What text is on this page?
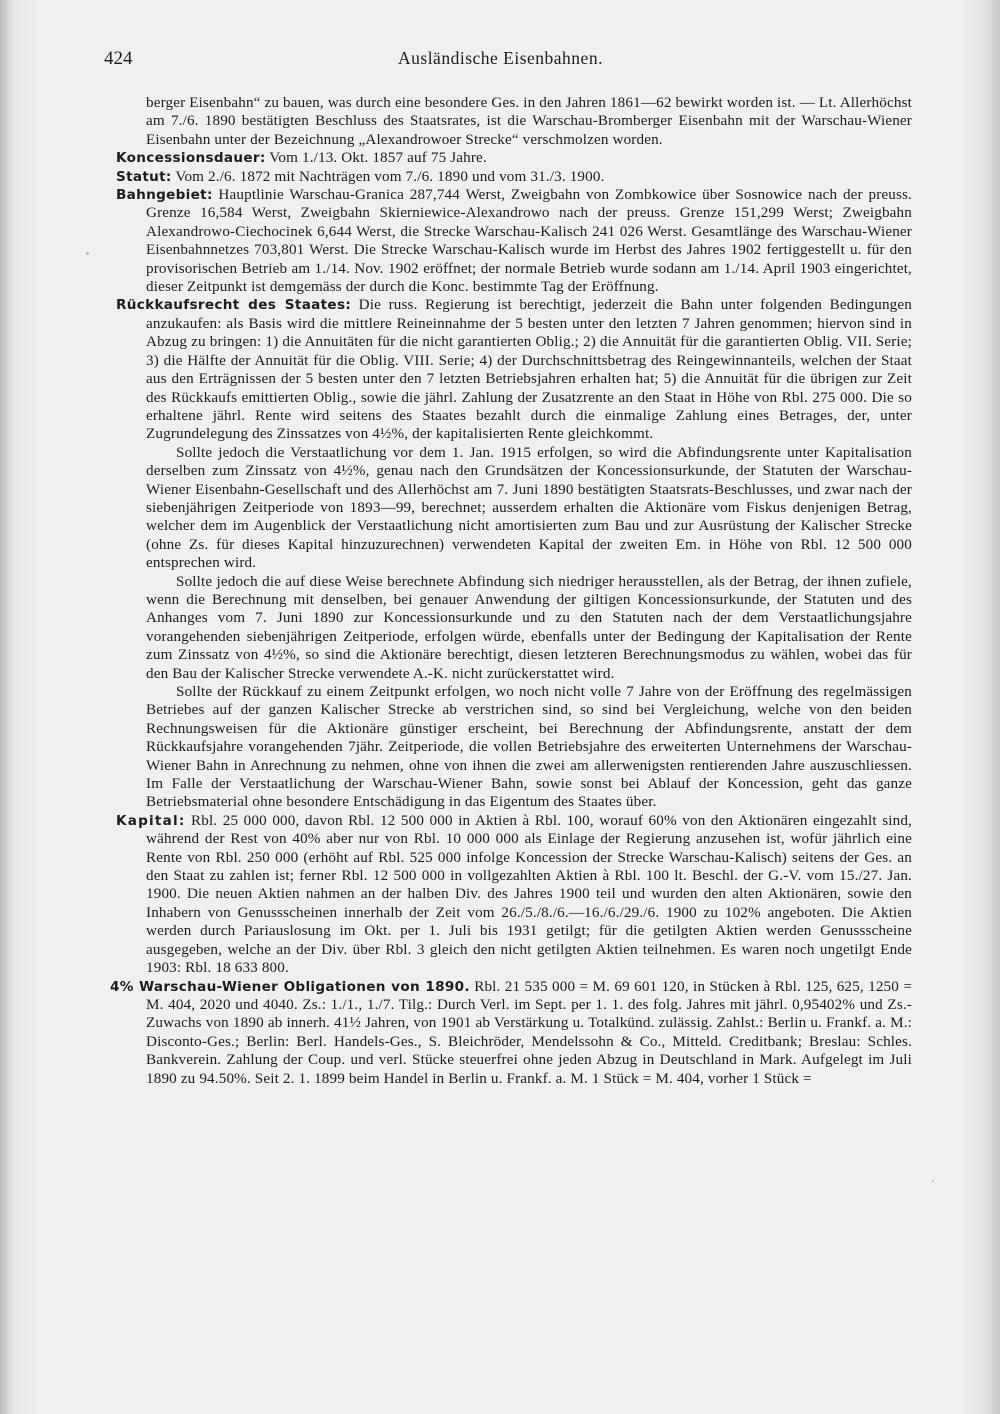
424	Ausländische Eisenbahnen.

berger Eisenbahn“ zu bauen, was durch eine besondere Ges. in den Jahren 1861—62 bewirkt worden ist. — Lt. Allerhöchst am 7./6. 1890 bestätigten Beschluss des Staatsrates, ist die Warschau-Bromberger Eisenbahn mit der Warschau-Wiener Eisenbahn unter der Bezeichnung „Alexandrowoer Strecke“ verschmolzen worden.

Koncessionsdauer: Vom 1./13. Okt. 1857 auf 75 Jahre.

Statut: Vom 2./6. 1872 mit Nachträgen vom 7./6. 1890 und vom 31./3. 1900.

Bahngebiet: Hauptlinie Warschau-Granica 287,744 Werst, Zweigbahn von Zombkowice über Sosnowice nach der preuss. Grenze 16,584 Werst, Zweigbahn Skierniewice-Alexandrowo nach der preuss. Grenze 151,299 Werst; Zweigbahn Alexandrowo-Ciechocinek 6,644 Werst, die Strecke Warschau-Kalisch 241 026 Werst. Gesamtlänge des Warschau-Wiener Eisenbahnnetzes 703,801 Werst. Die Strecke Warschau-Kalisch wurde im Herbst des Jahres 1902 fertiggestellt u. für den provisorischen Betrieb am 1./14. Nov. 1902 eröffnet; der normale Betrieb wurde sodann am 1./14. April 1903 eingerichtet, dieser Zeitpunkt ist demgemäss der durch die Konc. bestimmte Tag der Eröffnung.

Rückkaufsrecht des Staates: Die russ. Regierung ist berechtigt, jederzeit die Bahn unter folgenden Bedingungen anzukaufen: als Basis wird die mittlere Reineinnahme der 5 besten unter den letzten 7 Jahren genommen; hiervon sind in Abzug zu bringen: 1) die Annuitäten für die nicht garantierten Oblig.; 2) die Annuität für die garantierten Oblig. VII. Serie; 3) die Hälfte der Annuität für die Oblig. VIII. Serie; 4) der Durchschnittsbetrag des Reingewinnanteils, welchen der Staat aus den Erträgnissen der 5 besten unter den 7 letzten Betriebsjahren erhalten hat; 5) die Annuität für die übrigen zur Zeit des Rückkaufs emittierten Oblig., sowie die jährl. Zahlung der Zusatzrente an den Staat in Höhe von Rbl. 275 000. Die so erhaltene jährl. Rente wird seitens des Staates bezahlt durch die einmalige Zahlung eines Betrages, der, unter Zugrundelegung des Zinssatzes von 4½%, der kapitalisierten Rente gleichkommt.

Sollte jedoch die Verstaatlichung vor dem 1. Jan. 1915 erfolgen, so wird die Abfindungsrente unter Kapitalisation derselben zum Zinssatz von 4½%, genau nach den Grundsätzen der Koncessionsurkunde, der Statuten der Warschau-Wiener Eisenbahn-Gesellschaft und des Allerhöchst am 7. Juni 1890 bestätigten Staatsrats-Beschlusses, und zwar nach der siebenjährigen Zeitperiode von 1893—99, berechnet; ausserdem erhalten die Aktionäre vom Fiskus denjenigen Betrag, welcher dem im Augenblick der Verstaatlichung nicht amortisierten zum Bau und zur Ausrüstung der Kalischer Strecke (ohne Zs. für dieses Kapital hinzuzurechnen) verwendeten Kapital der zweiten Em. in Höhe von Rbl. 12 500 000 entsprechen wird.

Sollte jedoch die auf diese Weise berechnete Abfindung sich niedriger herausstellen, als der Betrag, der ihnen zufiele, wenn die Berechnung mit denselben, bei genauer Anwendung der giltigen Koncessionsurkunde, der Statuten und des Anhanges vom 7. Juni 1890 zur Koncessionsurkunde und zu den Statuten nach der dem Verstaatlichungsjahre vorangehenden siebenjährigen Zeitperiode, erfolgen würde, ebenfalls unter der Bedingung der Kapitalisation der Rente zum Zinssatz von 4½%, so sind die Aktionäre berechtigt, diesen letzteren Berechnungsmodus zu wählen, wobei das für den Bau der Kalischer Strecke verwendete A.-K. nicht zurückerstattet wird.

Sollte der Rückkauf zu einem Zeitpunkt erfolgen, wo noch nicht volle 7 Jahre von der Eröffnung des regelmässigen Betriebes auf der ganzen Kalischer Strecke ab verstrichen sind, so sind bei Vergleichung, welche von den beiden Rechnungsweisen für die Aktionäre günstiger erscheint, bei Berechnung der Abfindungsrente, anstatt der dem Rückkaufsjahre vorangehenden 7jähr. Zeitperiode, die vollen Betriebsjahre des erweiterten Unternehmens der Warschau-Wiener Bahn in Anrechnung zu nehmen, ohne von ihnen die zwei am allerwenigsten rentierenden Jahre auszuschliessen. Im Falle der Verstaatlichung der Warschau-Wiener Bahn, sowie sonst bei Ablauf der Koncession, geht das ganze Betriebsmaterial ohne besondere Entschädigung in das Eigentum des Staates über.

Kapital: Rbl. 25 000 000, davon Rbl. 12 500 000 in Aktien à Rbl. 100, worauf 60% von den Aktionären eingezahlt sind, während der Rest von 40% aber nur von Rbl. 10 000 000 als Einlage der Regierung anzusehen ist, wofür jährlich eine Rente von Rbl. 250 000 (erhöht auf Rbl. 525 000 infolge Koncession der Strecke Warschau-Kalisch) seitens der Ges. an den Staat zu zahlen ist; ferner Rbl. 12 500 000 in vollgezahlten Aktien à Rbl. 100 lt. Beschl. der G.-V. vom 15./27. Jan. 1900. Die neuen Aktien nahmen an der halben Div. des Jahres 1900 teil und wurden den alten Aktionären, sowie den Inhabern von Genussscheinen innerhalb der Zeit vom 26./5./8./6.—16./6./29./6. 1900 zu 102% angeboten. Die Aktien werden durch Pariauslosung im Okt. per 1. Juli bis 1931 getilgt; für die getilgten Aktien werden Genussscheine ausgegeben, welche an der Div. über Rbl. 3 gleich den nicht getilgten Aktien teilnehmen. Es waren noch ungetilgt Ende 1903: Rbl. 18 633 800.

4% Warschau-Wiener Obligationen von 1890. Rbl. 21 535 000 = M. 69 601 120, in Stücken à Rbl. 125, 625, 1250 = M. 404, 2020 und 4040. Zs.: 1./1., 1./7. Tilg.: Durch Verl. im Sept. per 1. 1. des folg. Jahres mit jährl. 0,95402% und Zs.-Zuwachs von 1890 ab innerh. 41½ Jahren, von 1901 ab Verstärkung u. Totalkünd. zulässig. Zahlst.: Berlin u. Frankf. a. M.: Disconto-Ges.; Berlin: Berl. Handels-Ges., S. Bleichröder, Mendelssohn & Co., Mitteld. Creditbank; Breslau: Schles. Bankverein. Zahlung der Coup. und verl. Stücke steuerfrei ohne jeden Abzug in Deutschland in Mark. Aufgelegt im Juli 1890 zu 94.50%. Seit 2. 1. 1899 beim Handel in Berlin u. Frankf. a. M. 1 Stück = M. 404, vorher 1 Stück =
